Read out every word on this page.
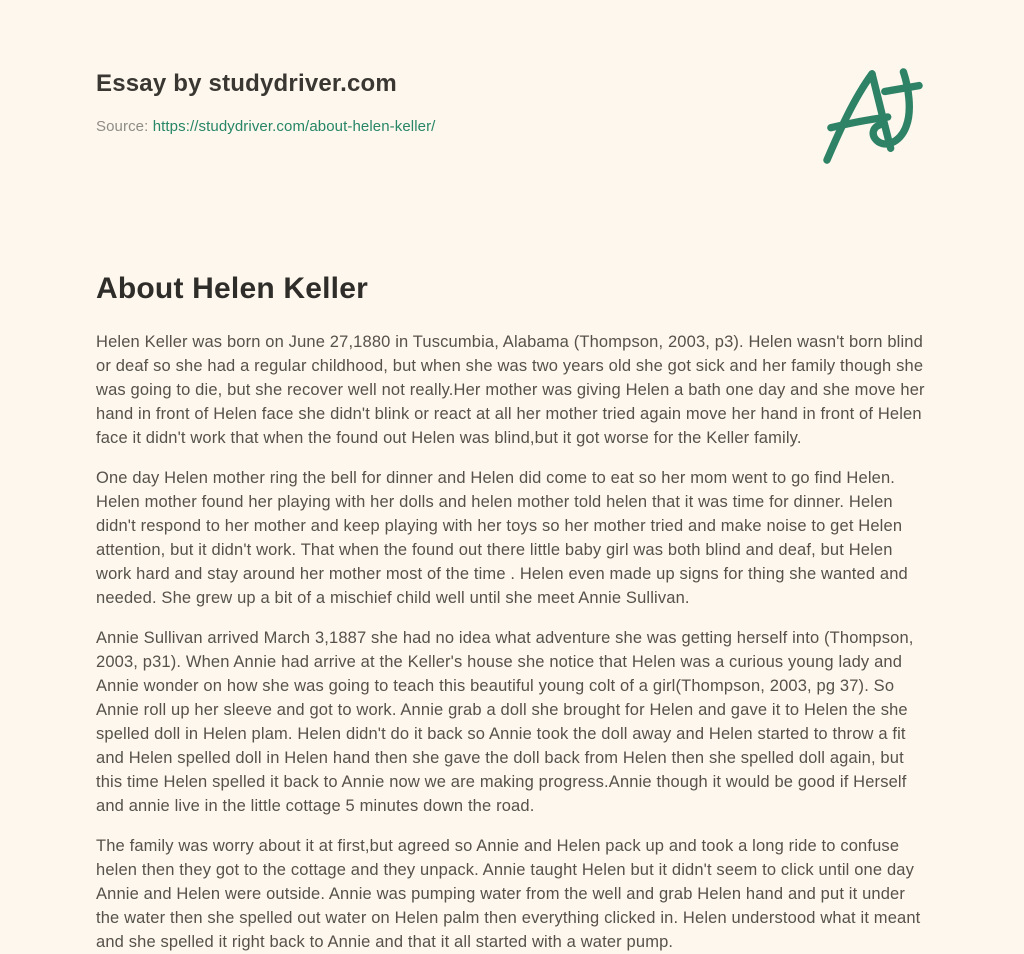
Essay by studydriver.com
Source: https://studydriver.com/about-helen-keller/
About Helen Keller

Helen Keller was born on June 27,1880 in Tuscumbia, Alabama (Thompson, 2003, p3). Helen wasn't born blind or deaf so she had a regular childhood, but when she was two years old she got sick and her family though she was going to die, but she recover well not really.Her mother was giving Helen a bath one day and she move her hand in front of Helen face she didn't blink or react at all her mother tried again move her hand in front of Helen face it didn't work that when the found out Helen was blind,but it got worse for the Keller family.

One day Helen mother ring the bell for dinner and Helen did come to eat so her mom went to go find Helen. Helen mother found her playing with her dolls and helen mother told helen that it was time for dinner. Helen didn't respond to her mother and keep playing with her toys so her mother tried and make noise to get Helen attention, but it didn't work. That when the found out there little baby girl was both blind and deaf, but Helen work hard and stay around her mother most of the time . Helen even made up signs for thing she wanted and needed. She grew up a bit of a mischief child well until she meet Annie Sullivan.

Annie Sullivan arrived March 3,1887 she had no idea what adventure she was getting herself into (Thompson, 2003, p31). When Annie had arrive at the Keller's house she notice that Helen was a curious young lady and Annie wonder on how she was going to teach this beautiful young colt of a girl(Thompson, 2003, pg 37). So Annie roll up her sleeve and got to work. Annie grab a doll she brought for Helen and gave it to Helen the she spelled doll in Helen plam. Helen didn't do it back so Annie took the doll away and Helen started to throw a fit and Helen spelled doll in Helen hand then she gave the doll back from Helen then she spelled doll again, but this time Helen spelled it back to Annie now we are making progress.Annie though it would be good if Herself and annie live in the little cottage 5 minutes down the road.

The family was worry about it at first,but agreed so Annie and Helen pack up and took a long ride to confuse helen then they got to the cottage and they unpack. Annie taught Helen but it didn't seem to click until one day Annie and Helen were outside. Annie was pumping water from the well and grab Helen hand and put it under the water then she spelled out water on Helen palm then everything clicked in. Helen understood what it meant and she spelled it right back to Annie and that it all started with a water pump.
